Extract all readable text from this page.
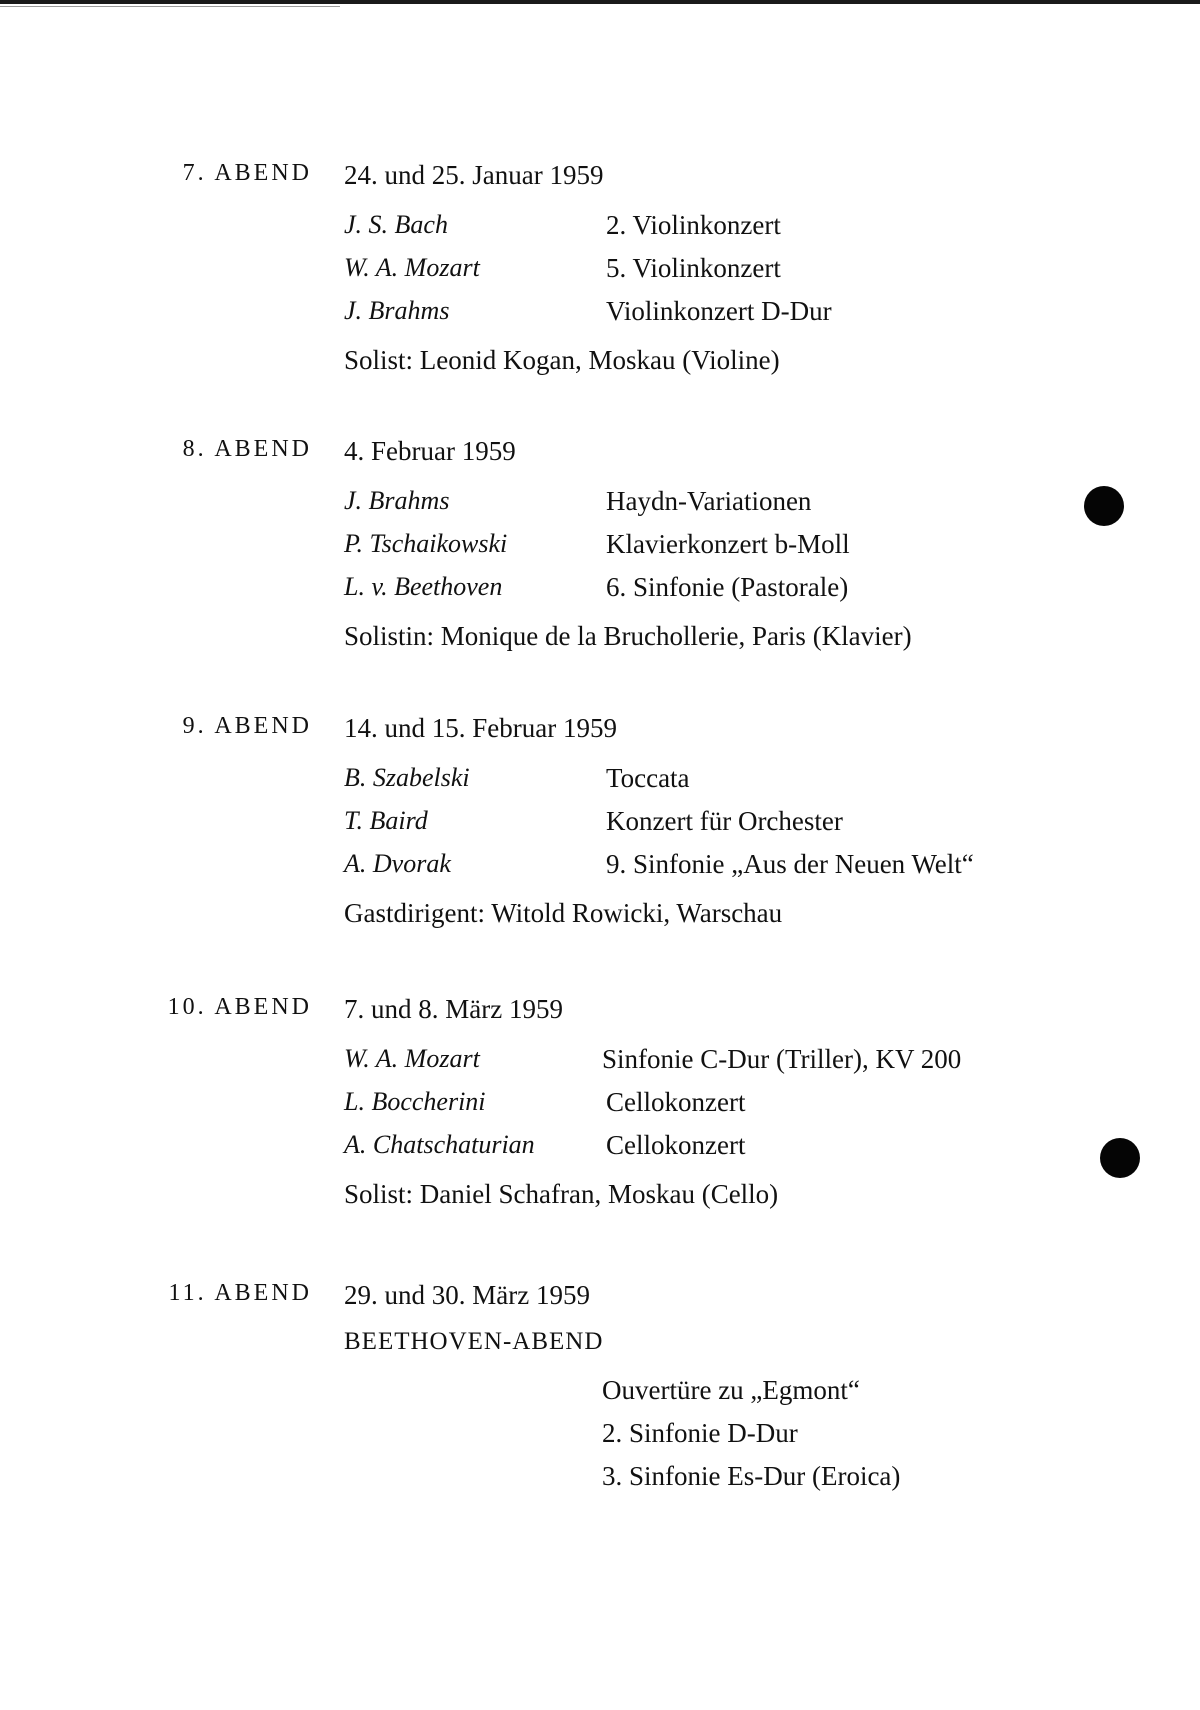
7. ABEND 24. und 25. Januar 1959
J. S. Bach	2. Violinkonzert
W. A. Mozart	5. Violinkonzert
J. Brahms	Violinkonzert D-Dur
Solist: Leonid Kogan, Moskau (Violine)
8. ABEND 4. Februar 1959
J. Brahms	Haydn-Variationen
P. Tschaikowski	Klavierkonzert b-Moll
L. v. Beethoven	6. Sinfonie (Pastorale)
Solistin: Monique de la Bruchollerie, Paris (Klavier)
9. ABEND 14. und 15. Februar 1959
B. Szabelski	Toccata
T. Baird	Konzert für Orchester
A. Dvorak	9. Sinfonie „Aus der Neuen Welt“
Gastdirigent: Witold Rowicki, Warschau
10. ABEND 7. und 8. März 1959
W. A. Mozart	Sinfonie C-Dur (Triller), KV 200
L. Boccherini	Cellokonzert
A. Chatschaturian	Cellokonzert
Solist: Daniel Schafran, Moskau (Cello)
11. ABEND 29. und 30. März 1959
BEETHOVEN-ABEND
Ouvertüre zu „Egmont“
2. Sinfonie D-Dur
3. Sinfonie Es-Dur (Eroica)
